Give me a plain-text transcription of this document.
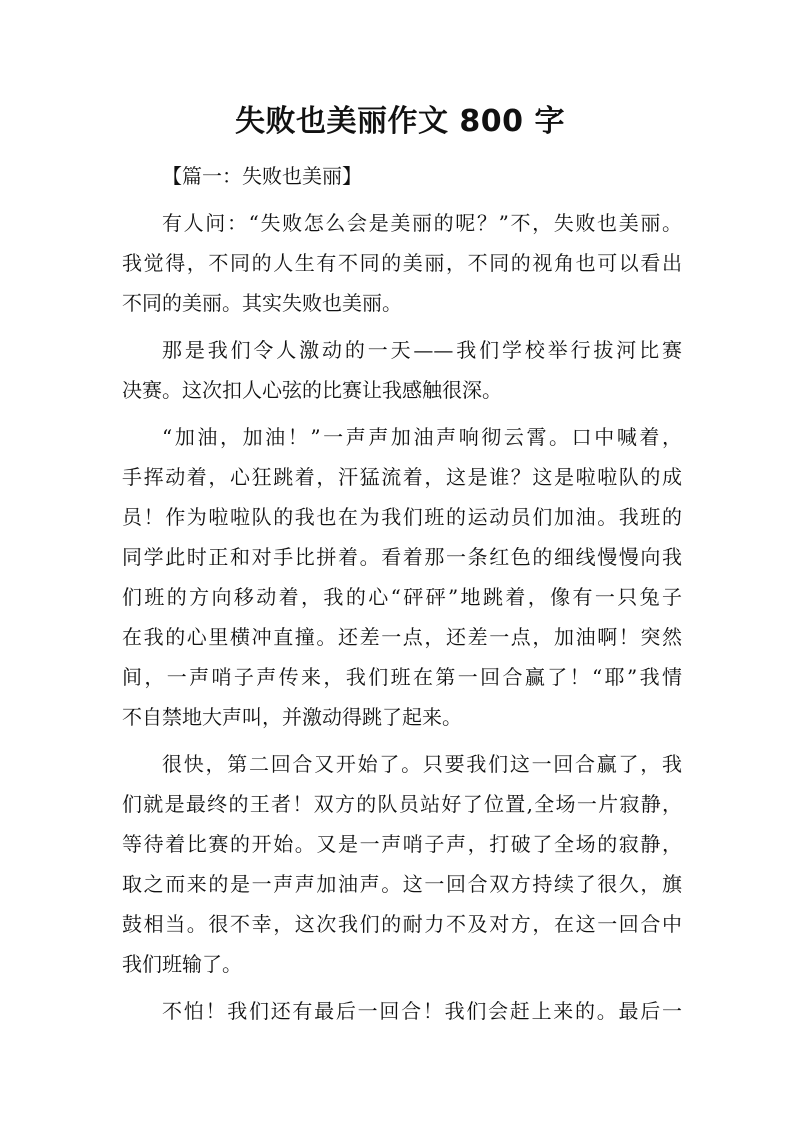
失败也美丽作文 800 字
【篇一：失败也美丽】
有人问：“失败怎么会是美丽的呢？”不，失败也美丽。
我觉得，不同的人生有不同的美丽，不同的视角也可以看出
不同的美丽。其实失败也美丽。
那是我们令人激动的一天——我们学校举行拔河比赛
决赛。这次扣人心弦的比赛让我感触很深。
“加油，加油！”一声声加油声响彻云霄。口中喊着，
手挥动着，心狂跳着，汗猛流着，这是谁？这是啦啦队的成
员！作为啦啦队的我也在为我们班的运动员们加油。我班的
同学此时正和对手比拼着。看着那一条红色的细线慢慢向我
们班的方向移动着，我的心“砰砰”地跳着，像有一只兔子
在我的心里横冲直撞。还差一点，还差一点，加油啊！突然
间，一声哨子声传来，我们班在第一回合赢了！“耶”我情
不自禁地大声叫，并激动得跳了起来。
很快，第二回合又开始了。只要我们这一回合赢了，我
们就是最终的王者！双方的队员站好了位置,全场一片寂静，
等待着比赛的开始。又是一声哨子声，打破了全场的寂静，
取之而来的是一声声加油声。这一回合双方持续了很久，旗
鼓相当。很不幸，这次我们的耐力不及对方，在这一回合中
我们班输了。
不怕！我们还有最后一回合！我们会赶上来的。最后一
